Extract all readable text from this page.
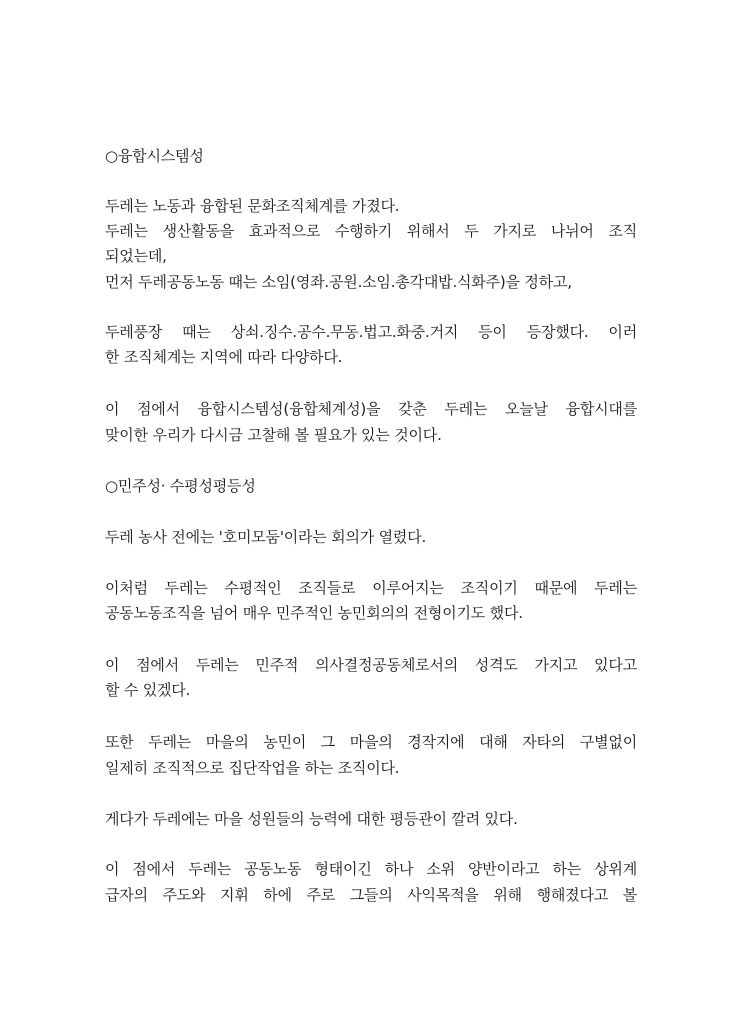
○융합시스템성
두레는 노동과 융합된 문화조직체계를 가졌다.
두레는 생산활동을 효과적으로 수행하기 위해서 두 가지로 나뉘어 조직
되었는데,
먼저 두레공동노동 때는 소임(영좌.공원.소임.총각대밥.식화주)을 정하고,
두레풍장 때는 상쇠.징수.공수.무동.법고.화중.거지 등이 등장했다. 이러
한 조직체계는 지역에 따라 다양하다.
이 점에서 융합시스템성(융합체계성)을 갖춘 두레는 오늘날 융합시대를
맞이한 우리가 다시금 고찰해 볼 필요가 있는 것이다.
○민주성· 수평성평등성
두레 농사 전에는 '호미모둠'이라는 회의가 열렸다.
이처럼 두레는 수평적인 조직들로 이루어지는 조직이기 때문에 두레는
공동노동조직을 넘어 매우 민주적인 농민회의의 전형이기도 했다.
이 점에서 두레는 민주적 의사결정공동체로서의 성격도 가지고 있다고
할 수 있겠다.
또한 두레는 마을의 농민이 그 마을의 경작지에 대해 자타의 구별없이
일제히 조직적으로 집단작업을 하는 조직이다.
게다가 두레에는 마을 성원들의 능력에 대한 평등관이 깔려 있다.
이 점에서 두레는 공동노동 형태이긴 하나 소위 양반이라고 하는 상위계
급자의 주도와 지휘 하에 주로 그들의 사익목적을 위해 행해졌다고 볼
